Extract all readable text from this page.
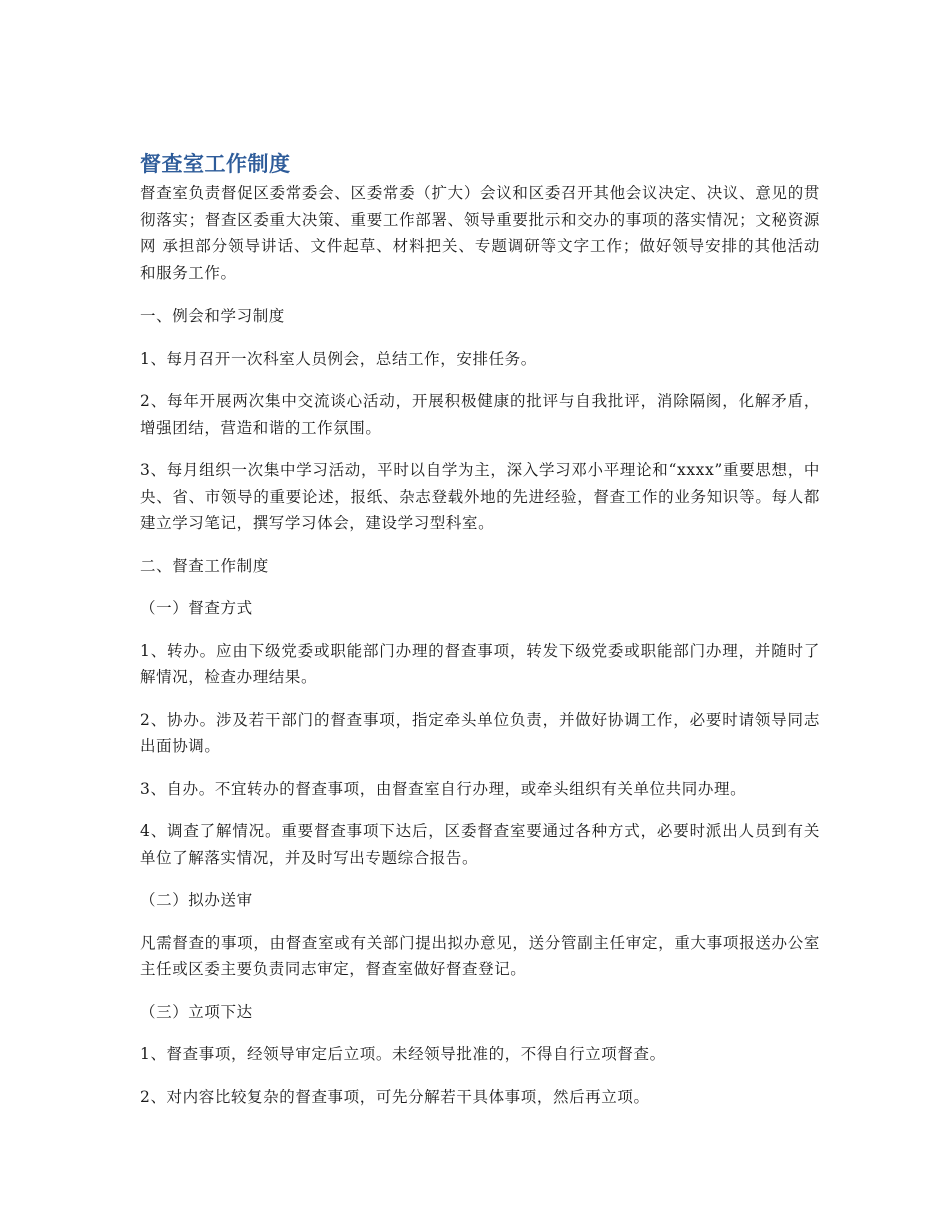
督查室工作制度

督查室负责督促区委常委会、区委常委（扩大）会议和区委召开其他会议决定、决议、意见的贯彻落实；督查区委重大决策、重要工作部署、领导重要批示和交办的事项的落实情况；文秘资源网 承担部分领导讲话、文件起草、材料把关、专题调研等文字工作；做好领导安排的其他活动和服务工作。

一、例会和学习制度

1、每月召开一次科室人员例会，总结工作，安排任务。

2、每年开展两次集中交流谈心活动，开展积极健康的批评与自我批评，消除隔阂，化解矛盾，增强团结，营造和谐的工作氛围。

3、每月组织一次集中学习活动，平时以自学为主，深入学习邓小平理论和“xxxx”重要思想，中央、省、市领导的重要论述，报纸、杂志登载外地的先进经验，督查工作的业务知识等。每人都建立学习笔记，撰写学习体会，建设学习型科室。

二、督查工作制度

（一）督查方式

1、转办。应由下级党委或职能部门办理的督查事项，转发下级党委或职能部门办理，并随时了解情况，检查办理结果。

2、协办。涉及若干部门的督查事项，指定牵头单位负责，并做好协调工作，必要时请领导同志出面协调。

3、自办。不宜转办的督查事项，由督查室自行办理，或牵头组织有关单位共同办理。

4、调查了解情况。重要督查事项下达后，区委督查室要通过各种方式，必要时派出人员到有关单位了解落实情况，并及时写出专题综合报告。

（二）拟办送审

凡需督查的事项，由督查室或有关部门提出拟办意见，送分管副主任审定，重大事项报送办公室主任或区委主要负责同志审定，督查室做好督查登记。

（三）立项下达

1、督查事项，经领导审定后立项。未经领导批准的，不得自行立项督查。

2、对内容比较复杂的督查事项，可先分解若干具体事项，然后再立项。
